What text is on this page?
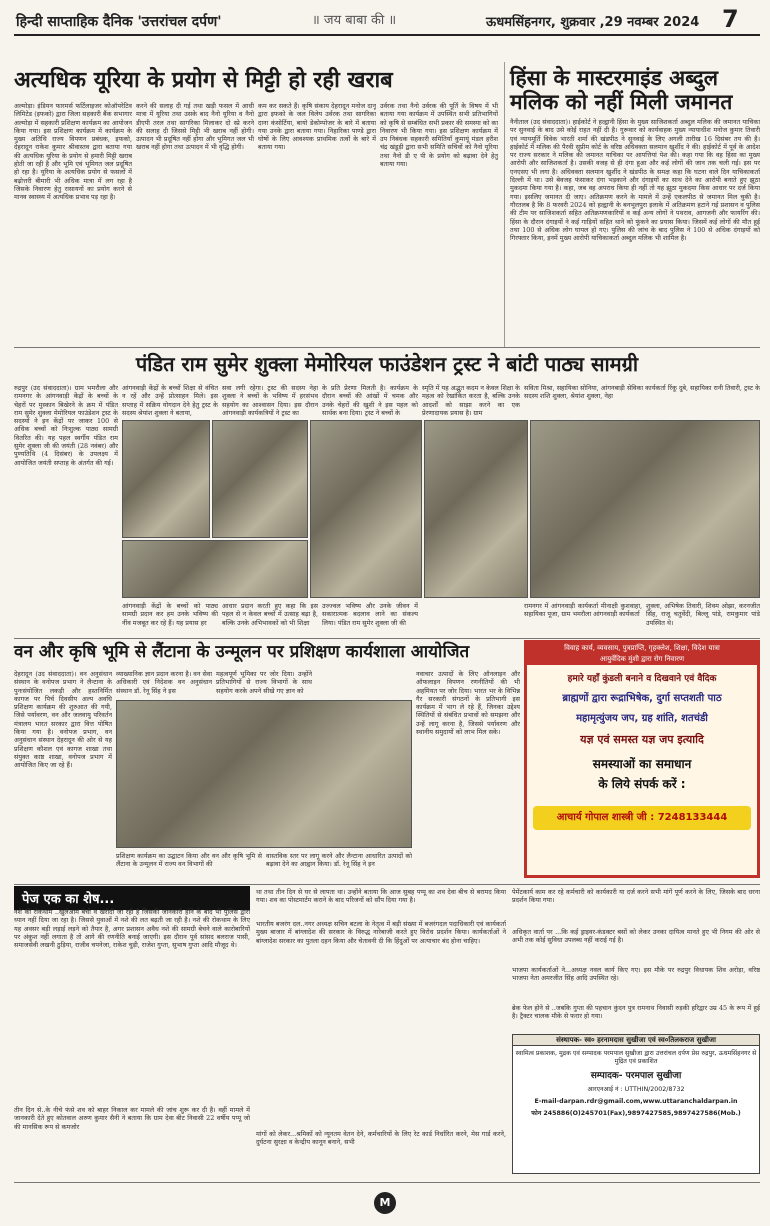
हिन्दी साप्ताहिक दैनिक 'उत्तरांचल दर्पण'	॥ जय बाबा की ॥	ऊधमसिंहनगर, शुक्रवार ,29 नवम्बर 2024 7
अत्यधिक यूरिया के प्रयोग से मिट्टी हो रही खराब
अल्मोड़ा। इंडियन फारमर्स फर्टिलाइजर कोऑपरेटिव लिमिटेड (इफको) द्वारा जिला सहकारी बैंक सभागार अल्मोड़ा में सहकारी प्रशिक्षण कार्यक्रम का आयोजन किया गया। इस प्रशिक्षण कार्यक्रम में कार्यक्रम के मुख्य अतिथि राज्य विपणन प्रबंधक, इफको, देहरादून राकेश कुमार श्रीवास्तव द्वारा बताया गया की अत्यधिक यूरिया के प्रयोग से हमारी मिट्टी खराब होती जा रही है और भूमि एवं भूमिगत जल प्रदूषित हो रहा है। यूरिया के अत्यधिक प्रयोग से फसलों में बढ़ोत्तरी बीमारी भी अधिक मात्रा में लग रहा है जिसके निवारण हेतु रासायनों का प्रयोग करने से मानव स्वास्थ्य में अत्यधिक प्रभाव पड़ रहा है।
करने की सलाह दी गई तथा खड़ी फसल में आधी मात्रा में यूरिया तथा उसके बाद नैनो यूरिया व नैनो डीएपी तरल तथा सागरिका मिलाकर दो स्प्रे करने की सलाह दी जिससे मिट्टी भी खराब नहीं होगी। उत्पादन भी प्रदूषित नहीं होगा और भूमिगत जल भी खराब नहीं होगा तथा उत्पादन में भी वृद्धि होगी।
कम कर सकते हैं। कृषि संकाय देहरादून मनोज दानू द्वारा इफको के जल विलेय उर्वरक तथा सागरिका दाना कंसोर्टिया, बायो डेकोम्पोजर के बारे में बताया गया उनके द्वारा बताया गया। निहारिका पाण्डे द्वारा घोषों के लिए आवश्यक प्राथमिक तत्वों के बारे में बताया गया।
उर्वरक तथा नैनो उर्वरक की पूर्ति के विषय में भी बताया गया कार्यक्रम में उपस्थित सभी प्रतिभागियों को कृषि से सम्बंधित सभी प्रकार की समस्या को का निवारण भी किया गया। इस प्रशिक्षण कार्यक्रम में उप निबंधक सहकारी समितियाँ कुमायूं मंडल हरीश चंद्र खंडूड़ी द्वारा सभी समिति सचिवों को नैनो यूरिया तथा नैनो डी ए पी के प्रयोग को बढ़ावा देने हेतु बताया गया।
हिंसा के मास्टरमाइंड अब्दुल मलिक को नहीं मिली जमानत
नैनीताल (उद संवाददाता)। हाईकोर्ट ने हल्द्वानी हिंसा के मुख्य साजिशकर्ता अब्दुल मलिक की जमानत याचिका पर सुनवाई के बाद उसे कोई राहत नहीं दी है। गुरूवार को कार्यवाहक मुख्य न्यायाधीश मनोज कुमार तिवारी एवं न्यायमूर्ति विवेक भारती शर्मा की खंडपीठ ने सुनवाई के लिए अगली तारीख 16 दिसंबर तय की है। हाईकोर्ट में मलिक की पैरवी सुप्रीम कोर्ट के वरिष्ठ अधिवक्ता सलमान खुर्शीद ने की। हाईकोर्ट में पूर्व के आदेश पर राज्य सरकार ने मलिक की जमानत याचिका पर आपत्तियां पेश की। कहा गया कि वह हिंसा का मुख्य आरोपी और साजिशकर्ता है। उसकी वजह से ही दंगा हुआ और कई लोगों की जान तक चली गई। इस पर एनएसए भी लगा है। अधिवक्ता सलमान खुर्शीद ने खंडपीठ के समक्ष कहा कि घटना वाले दिन याचिकाकर्ता दिल्ली में था। उसे बेवजह फंसाकर दंगा भड़काने और दंगाइयों का साथ देने का आरोपी बनाते हुए झूठा मुकदमा किया गया है। कहा, जब वह अपराध किया ही नहीं तो यह झूठा मुकदमा किस आधार पर दर्ज किया गया। इसलिए जमानत दी जाए। अतिक्रमण करने के मामले में उन्हें एकलपीठ से जमानत मिल चुकी है। गौरतलब है कि 8 फरवरी 2024 को हल्द्वानी के बनभूलपुरा इलाके में अतिक्रमण हटाने गई प्रशासन व पुलिस की टीम पर साजिशकर्ता सहित अतिक्रमणकारियों व कई अन्य लोगों ने पथराव, आगजनी और फायरिंग की। हिंसा के दौरान दंगाइयों ने कई गाड़ियों सहित थाने को फूंकने का प्रयास किया। जिसमें कई लोगों की मौत हुई तथा 100 से अधिक लोग घायल हो गए। पुलिस की जांच के बाद पुलिस ने 100 से अधिक दंगाइयों को गिरफ्तार किया, इनमें मुख्य आरोपी याचिकाकर्ता अब्दुल मलिक भी शामिल है।
पंडित राम सुमेर शुक्ला मेमोरियल फाउंडेशन ट्रस्ट ने बांटी पाठ्य सामग्री
रुद्रपुर (उद संवाददाता)। ग्राम भमरौला और रामनगर के आंगनवाड़ी केंद्रों के बच्चों के चेहरों पर मुस्कान बिखेरने के क्रम में पंडित राम सुमेर शुक्ला मेमोरियल फाउंडेशन ट्रस्ट के सदस्यों ने इन केंद्रों पर जाकर 100 से अधिक बच्चों को निःशुल्क पाठ्य सामग्री वितरित की। यह पहल स्वर्गीय पंडित राम सुमेर शुक्ला जी की जयंती (28 नवंबर) और पुण्यतिथि (4 दिसंबर) के उपलक्ष्य में आयोजित जयंती सप्ताह के अंतर्गत की गई।
आंगनवाड़ी केंद्रों के बच्चों शिक्षा से वंचित न रहें और उन्हें प्रोत्साहन मिले। इस सप्ताह में सक्रिय योगदान देने हेतु ट्रस्ट के सदस्य श्रेयांश शुक्ला ने बताया,
सवा लगी रहेगा। ट्रस्ट की सदस्य नेहा शुक्ला ने बच्चों के भविष्य में हरसंभव सहयोग का आश्वासन दिया। इस दौरान आंगनवाड़ी कार्यकत्रियों ने ट्रस्ट का
के प्रति प्रेरणा मिलती है। कार्यक्रम के दौरान बच्चों की आंखों में चमक और उनके चेहरों की खुशी ने इस पहल को सार्थक बना दिया। ट्रस्ट ने बच्चों के
स्मृति में यह अद्भुत कदम न केवल शिक्षा के महत्व को रेखांकित करता है, बल्कि उनके आदर्शों को साझा करने का एक प्रेरणादायक प्रयास है। ग्राम
सविता मिश्रा, सहायिका सोनिया, आंगनबाड़ी सेविका कार्यकर्ता रिंकू दुबे, सहायिका रानी तिवारी, ट्रस्ट के सदस्य शशि शुक्ला, श्रेयांश शुक्ला, नेहा
आंगनवाड़ी केंद्रों के बच्चों को पाठ्य सामग्री प्रदान कर हम उनके भविष्य की नींव मजबूत कर रहे हैं। यह प्रयास हर
आधार प्रदान करती हुए कहा कि इस पहल से न केवल बच्चों में उत्साह बढ़ा है, बल्कि उनके अभिभावकों को भी शिक्षा
उज्ज्वल भविष्य और उनके जीवन में सकारात्मक बदलाव लाने का संकल्प लिया। पंडित राम सुमेर शुक्ला जी की
रामनगर में आंगनवाड़ी कार्यकर्ता मीनाक्षी कुशवाहा, सहायिका पूजा, ग्राम भमरौला आंगनवाड़ी कार्यकर्ता
शुक्ला, अभिषेक तिवारी, शिवम ओझा, करनजीत सिंह, राजू चतुर्वेदी, बिल्लू पांडे, रामकुमार पांडे उपस्थित थे।
वन और कृषि भूमि से लैंटाना के उन्मूलन पर प्रशिक्षण कार्यशाला आयोजित
देहरादून (उद संवाददाता)। वन अनुसंधान संस्थान के वनोपज प्रभाग ने लैन्टाना के पुनःसंयोजित लकड़ी और हस्तनिर्मित कागज पर पिर्च दिवसीय अल्प अवधि प्रशिक्षण कार्यक्रम की शुरुआत की गयी, जिसे पर्यावरण, वन और जलवायु परिवर्तन मंत्रालय भारत सरकार द्वारा वित्त पोषित किया गया है। वनोपज प्रभाग, वन अनुसंधान संस्थान देहरादून की ओर से यह प्रशिक्षण कौशल एवं कागज शाखा तथा संयुक्त काष्ठ शाखा, वनोपज प्रभाग में आयोजित किए जा रहे हैं।
व्याख्यानिक ज्ञान प्रदान करना है। वन सेवा अधिकारी एवं निदेशक वन अनुसंधान संस्थान डॉ. रेनू सिंह ने इस
महत्वपूर्ण भूमिका पर जोर दिया। उन्होंने प्रतिभागियों से राज्य विभागों के साथ सहयोग करके अपने सीखे गए ज्ञान को
नवाचार उत्पादों के लिए ऑनलाइन और ऑफलाइन विपणन रणनीतियों की भी अहमियत पर जोर दिया। भारत भर के विभिन्न गैर सरकारी संगठनों के प्रतिभागी इस कार्यक्रम में भाग ले रहे हैं, जिनका उद्देश्य स्थितियों से संबंधित प्रभावों को समझना और उन्हें लागू करना है, जिससे पर्यावरण और स्थानीय समुदायों को लाभ मिल सके।
प्रशिक्षण कार्यक्रम का उद्घाटन किया और वन और कृषि भूमि से लैंटाना के उन्मूलन में राज्य वन विभागों की
वास्तविक स्तर पर लागू करने और लैन्टाना आधारित उत्पादों को बढ़ावा देने का आह्वान किया। डॉ. रेनू सिंह ने इन
विवाह कार्य, व्यवसाय, पुत्रप्राप्ति, गृहक्लेश, शिक्षा, विदेश यात्रा
आयुर्वेदिक मुंशी द्वारा रोग निवारण
हमारे यहाँ कुंडली बनाने व दिखवाने एवं वैदिक
ब्राह्मणों द्वारा रूद्राभिषेक, दुर्गा सप्तशती पाठ
महामृत्युंजय जप, ग्रह शांति, शतचंडी
यज्ञ एवं समस्त यज्ञ जप इत्यादि
समस्याओं का समाधान
के लिये संपर्क करें :
आचार्य गोपाल शास्त्री जी : 7248133444
पेज एक का शेष...
नशे की रोकथाम ..खुलेआम बेची व खरीदी जा रही है जिसकी जानकारी होने के बाद भी पुलिस द्वारा ध्यान नहीं दिया जा रहा है। जिससे युवाओं में नशे की लत बढ़ती जा रही है। नशे की रोकथाम के लिए यह अवसर बड़ी लड़ाई लड़ने को तैयार है, अगर प्रशासन अवैध नशे की सामग्री बेचने वाले कारोबारियों पर अंकुश नहीं लगाता है तो आगे की रणनीति बनाई जाएगी। इस दौरान पूर्व सांसद बलराज पासी, समाजसेवी लखनी ठुड़िया, राजीव चपनेजा, राकेश चुड़ी, राजेश गुप्ता, सुभाष गुप्ता आदि मौजूद थे।
तीन दिन से..के नीचे फंसे शव को बाहर निकाल कर मामले की जांच शुरू कर दी है। वहीं मामले में जानकारी देते हुए कोतवाल अरुण कुमार सैनी ने बताया कि ग्राम देवा बीट निवासी 22 वर्षीय पप्पू जो की मानसिक रूप से कमजोर
था तथा तीन दिन से घर से लापता था। उन्होंने बताया कि आज सुबह पप्पू का शव देवा बीच से बरामद किया गया। शव का पोस्टमार्टम कराने के बाद परिजनों को सौंप दिया गया है।
भारतीय बजरंग दल..नगर अध्यक्ष सचिन बटला के नेतृत्व में बड़ी संख्या में बजरंगदल पदाधिकारी एवं कार्यकर्ता मुख्य बाजार में बांग्लादेश की सरकार के विरुद्ध नारेबाजी करते हुए विरोध प्रदर्शन किया। कार्यकर्ताओं ने बांग्लादेश सरकार का पुतला दहन किया और चेतावनी दी कि हिंदुओं पर अत्याचार बंद होना चाहिए।
मांगों को लेकर...श्रमिकों को न्यूनतम वेतन देने, कर्मचारियों के लिए रेट कार्ड निर्धारित करने, मेस गार्ड करने, दुर्घटना सुरक्षा व केन्द्रीय कानून बनाने, सभी
पेमेंटकार्य काम कर रहे कर्मचारी को कार्यकारी या दर्ज करने सभी मांगें पूर्ण करने के लिए, जिसके बाद धरना प्रदर्शन किया गया।
अधिकृत वार्ता पर ...कि कई ड्राइवर-कंडक्टर बसों को लेकर उनका दायित्व मानते हुए भी निगम की ओर से अभी तक कोई सुविधा उपलब्ध नहीं कराई गई है।
भाजपा कार्यकर्ताओं ने...अध्यक्ष नवल कार्य किए गए। इस मौके पर रुद्रपुर विधायक शिव अरोड़ा, वरिष्ठ भाजपा नेता अमरजीत सिंह आदि उपस्थित रहे।
ब्रेक फेल होने से ..जबकि गुप्ता की पहचान कुंदन पुत्र रामनाथ निवासी रुड़की हरिद्वार उम्र 45 के रूप में हुई है। ट्रैक्टर चालक मौके से फरार हो गया।
संस्थापक- स्व० हरनामदास सुखीजा एवं स्व०तिलकराज सुखीजा
स्वामित्व प्रकाशक, मुद्रक एवं सम्पादक परमपाल सुखीजा द्वारा उत्तरांचल दर्पण प्रेस रुद्रपुर, ऊधमसिंहनगर से मुद्रित एवं प्रकाशित
सम्पादक- परमपाल सुखीजा
आरएनआई नं : UTTHIN/2002/8732
E-mail-darpan.rdr@gmail.com,www.uttaranchaldarpan.in
फोन 245886(O)245701(Fax),9897427585,9897427586(Mob.)
M
